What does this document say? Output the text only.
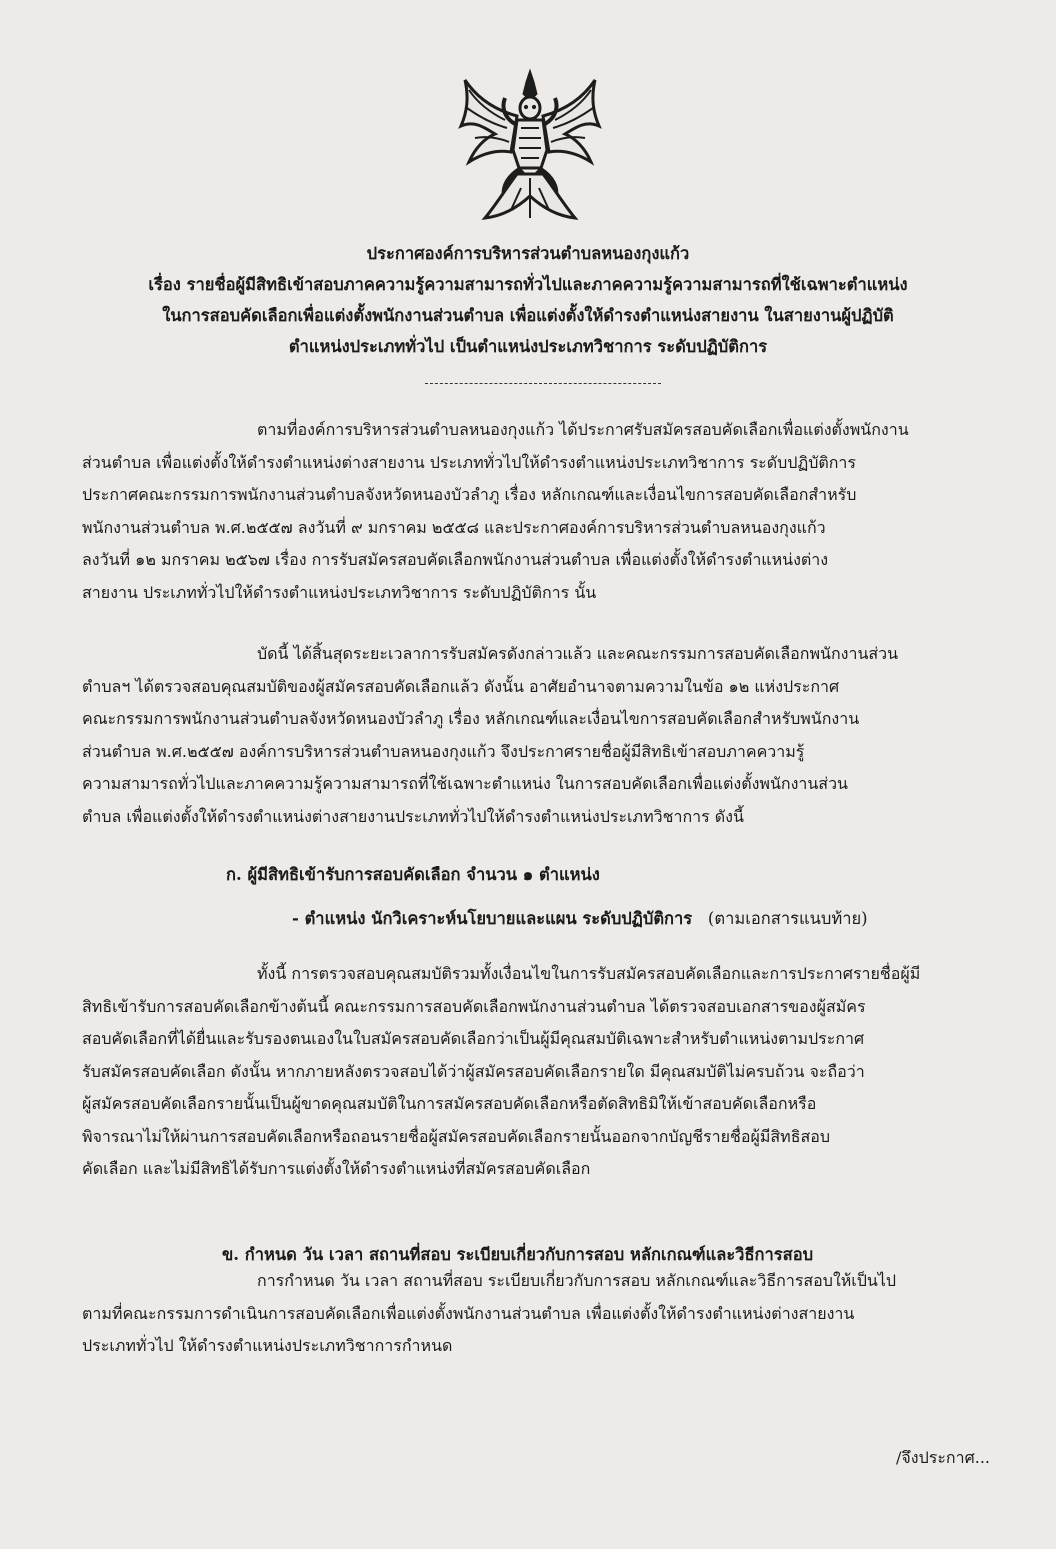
ประกาศองค์การบริหารส่วนตำบลหนองกุงแก้ว
เรื่อง รายชื่อผู้มีสิทธิเข้าสอบภาคความรู้ความสามารถทั่วไปและภาคความรู้ความสามารถที่ใช้เฉพาะตำแหน่ง
ในการสอบคัดเลือกเพื่อแต่งตั้งพนักงานส่วนตำบล เพื่อแต่งตั้งให้ดำรงตำแหน่งสายงาน ในสายงานผู้ปฏิบัติ
ตำแหน่งประเภททั่วไป เป็นตำแหน่งประเภทวิชาการ ระดับปฏิบัติการ
ตามที่องค์การบริหารส่วนตำบลหนองกุงแก้ว ได้ประกาศรับสมัครสอบคัดเลือกเพื่อแต่งตั้งพนักงาน
ส่วนตำบล เพื่อแต่งตั้งให้ดำรงตำแหน่งต่างสายงาน ประเภททั่วไปให้ดำรงตำแหน่งประเภทวิชาการ ระดับปฏิบัติการ
ประกาศคณะกรรมการพนักงานส่วนตำบลจังหวัดหนองบัวลำภู เรื่อง หลักเกณฑ์และเงื่อนไขการสอบคัดเลือกสำหรับ
พนักงานส่วนตำบล พ.ศ.๒๕๕๗ ลงวันที่ ๙ มกราคม ๒๕๕๘ และประกาศองค์การบริหารส่วนตำบลหนองกุงแก้ว
ลงวันที่ ๑๒ มกราคม ๒๕๖๗ เรื่อง การรับสมัครสอบคัดเลือกพนักงานส่วนตำบล เพื่อแต่งตั้งให้ดำรงตำแหน่งต่าง
สายงาน ประเภททั่วไปให้ดำรงตำแหน่งประเภทวิชาการ ระดับปฏิบัติการ นั้น
บัดนี้ ได้สิ้นสุดระยะเวลาการรับสมัครดังกล่าวแล้ว และคณะกรรมการสอบคัดเลือกพนักงานส่วน
ตำบลฯ ได้ตรวจสอบคุณสมบัติของผู้สมัครสอบคัดเลือกแล้ว ดังนั้น อาศัยอำนาจตามความในข้อ ๑๒ แห่งประกาศ
คณะกรรมการพนักงานส่วนตำบลจังหวัดหนองบัวลำภู เรื่อง หลักเกณฑ์และเงื่อนไขการสอบคัดเลือกสำหรับพนักงาน
ส่วนตำบล พ.ศ.๒๕๕๗ องค์การบริหารส่วนตำบลหนองกุงแก้ว จึงประกาศรายชื่อผู้มีสิทธิเข้าสอบภาคความรู้
ความสามารถทั่วไปและภาคความรู้ความสามารถที่ใช้เฉพาะตำแหน่ง ในการสอบคัดเลือกเพื่อแต่งตั้งพนักงานส่วน
ตำบล เพื่อแต่งตั้งให้ดำรงตำแหน่งต่างสายงานประเภททั่วไปให้ดำรงตำแหน่งประเภทวิชาการ ดังนี้
ก. ผู้มีสิทธิเข้ารับการสอบคัดเลือก จำนวน ๑ ตำแหน่ง
- ตำแหน่ง นักวิเคราะห์นโยบายและแผน ระดับปฏิบัติการ (ตามเอกสารแนบท้าย)
ทั้งนี้ การตรวจสอบคุณสมบัติรวมทั้งเงื่อนไขในการรับสมัครสอบคัดเลือกและการประกาศรายชื่อผู้มี
สิทธิเข้ารับการสอบคัดเลือกข้างต้นนี้ คณะกรรมการสอบคัดเลือกพนักงานส่วนตำบล ได้ตรวจสอบเอกสารของผู้สมัคร
สอบคัดเลือกที่ได้ยื่นและรับรองตนเองในใบสมัครสอบคัดเลือกว่าเป็นผู้มีคุณสมบัติเฉพาะสำหรับตำแหน่งตามประกาศ
รับสมัครสอบคัดเลือก ดังนั้น หากภายหลังตรวจสอบได้ว่าผู้สมัครสอบคัดเลือกรายใด มีคุณสมบัติไม่ครบถ้วน จะถือว่า
ผู้สมัครสอบคัดเลือกรายนั้นเป็นผู้ขาดคุณสมบัติในการสมัครสอบคัดเลือกหรือตัดสิทธิมิให้เข้าสอบคัดเลือกหรือ
พิจารณาไม่ให้ผ่านการสอบคัดเลือกหรือถอนรายชื่อผู้สมัครสอบคัดเลือกรายนั้นออกจากบัญชีรายชื่อผู้มีสิทธิสอบ
คัดเลือก และไม่มีสิทธิได้รับการแต่งตั้งให้ดำรงตำแหน่งที่สมัครสอบคัดเลือก
ข. กำหนด วัน เวลา สถานที่สอบ ระเบียบเกี่ยวกับการสอบ หลักเกณฑ์และวิธีการสอบ
การกำหนด วัน เวลา สถานที่สอบ ระเบียบเกี่ยวกับการสอบ หลักเกณฑ์และวิธีการสอบให้เป็นไป
ตามที่คณะกรรมการดำเนินการสอบคัดเลือกเพื่อแต่งตั้งพนักงานส่วนตำบล เพื่อแต่งตั้งให้ดำรงตำแหน่งต่างสายงาน
ประเภททั่วไป ให้ดำรงตำแหน่งประเภทวิชาการกำหนด
/จึงประกาศ...
